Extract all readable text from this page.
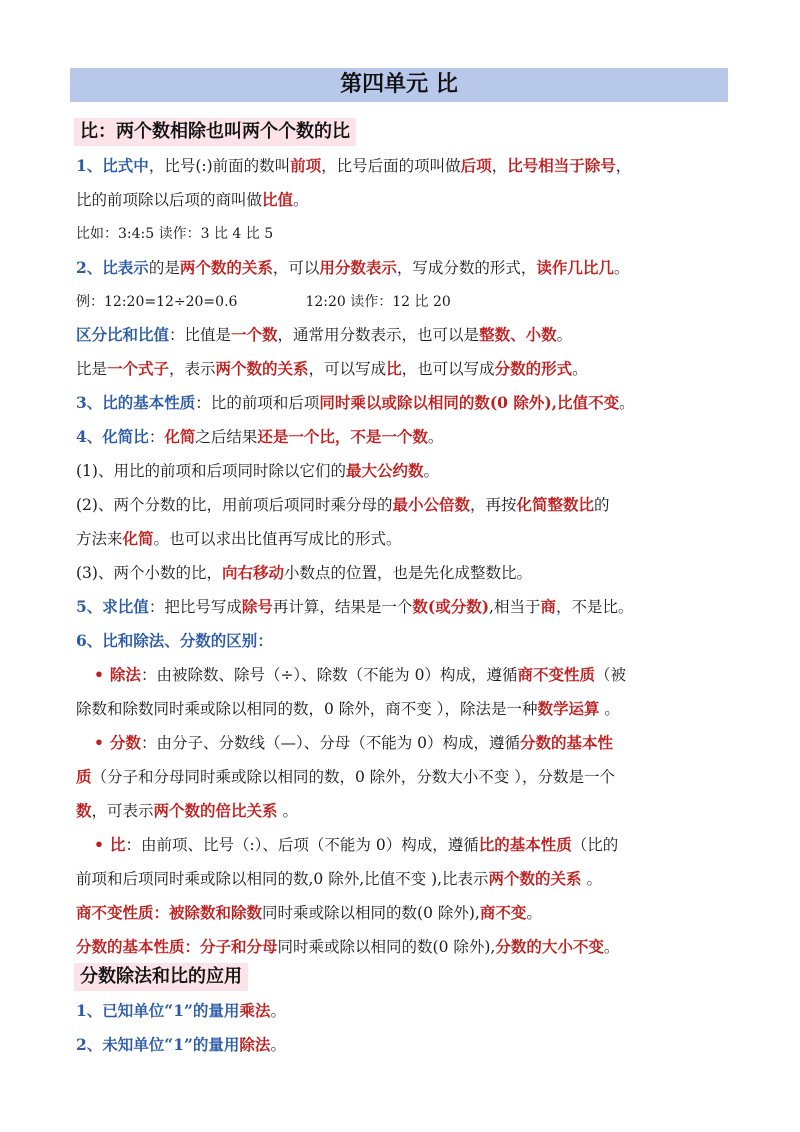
第四单元 比
比：两个数相除也叫两个个数的比
1、比式中，比号(:)前面的数叫前项，比号后面的项叫做后项，比号相当于除号，
比的前项除以后项的商叫做比值。
比如：3:4:5 读作：3 比 4 比 5
2、比表示的是两个数的关系，可以用分数表示，写成分数的形式，读作几比几。
例：12:20=12÷20=0.6	12:20 读作：12 比 20
区分比和比值：比值是一个数，通常用分数表示，也可以是整数、小数。
比是一个式子，表示两个数的关系，可以写成比，也可以写成分数的形式。
3、比的基本性质：比的前项和后项同时乘以或除以相同的数(0 除外),比值不变。
4、化简比：化简之后结果还是一个比，不是一个数。
(1)、用比的前项和后项同时除以它们的最大公约数。
(2)、两个分数的比，用前项后项同时乘分母的最小公倍数，再按化简整数比的
方法来化简。也可以求出比值再写成比的形式。
(3)、两个小数的比，向右移动小数点的位置，也是先化成整数比。
5、求比值：把比号写成除号再计算，结果是一个数(或分数),相当于商，不是比。
6、比和除法、分数的区别：
• 除法：由被除数、除号（÷）、除数（不能为 0）构成，遵循商不变性质（被
除数和除数同时乘或除以相同的数，0 除外，商不变 ），除法是一种数学运算 。
• 分数：由分子、分数线（—）、分母（不能为 0）构成，遵循分数的基本性
质（分子和分母同时乘或除以相同的数，0 除外，分数大小不变 ），分数是一个
数，可表示两个数的倍比关系 。
• 比：由前项、比号（:）、后项（不能为 0）构成，遵循比的基本性质（比的
前项和后项同时乘或除以相同的数,0 除外,比值不变 ),比表示两个数的关系 。
商不变性质：被除数和除数同时乘或除以相同的数(0 除外),商不变。
分数的基本性质：分子和分母同时乘或除以相同的数(0 除外),分数的大小不变。
分数除法和比的应用
1、已知单位“1”的量用乘法。
2、未知单位“1”的量用除法。
